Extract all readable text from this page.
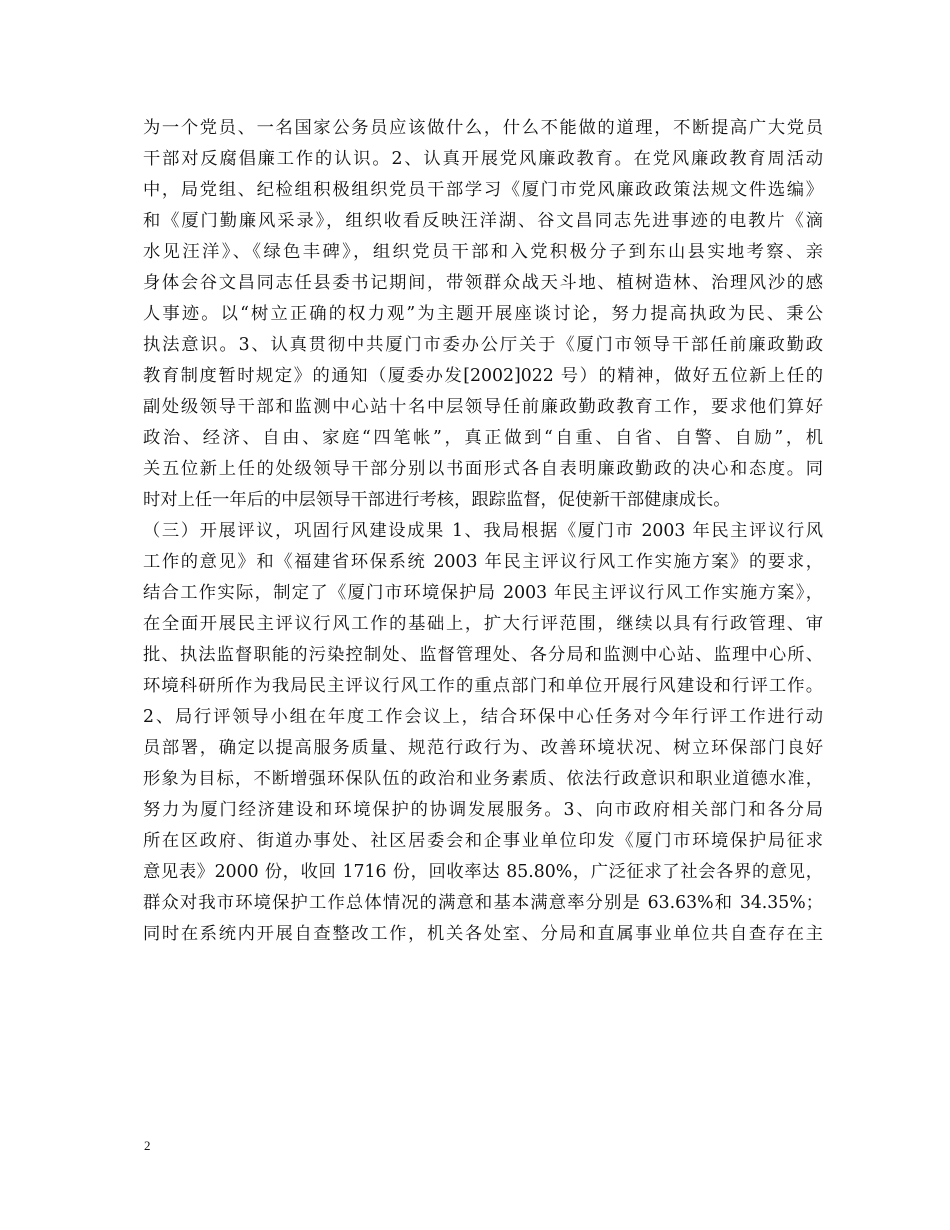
为一个党员、一名国家公务员应该做什么，什么不能做的道理，不断提高广大党员
干部对反腐倡廉工作的认识。2、认真开展党风廉政教育。在党风廉政教育周活动
中，局党组、纪检组积极组织党员干部学习《厦门市党风廉政政策法规文件选编》
和《厦门勤廉风采录》，组织收看反映汪洋湖、谷文昌同志先进事迹的电教片《滴
水见汪洋》、《绿色丰碑》，组织党员干部和入党积极分子到东山县实地考察、亲
身体会谷文昌同志任县委书记期间，带领群众战天斗地、植树造林、治理风沙的感
人事迹。以“树立正确的权力观”为主题开展座谈讨论，努力提高执政为民、秉公
执法意识。3、认真贯彻中共厦门市委办公厅关于《厦门市领导干部任前廉政勤政
教育制度暂时规定》的通知（厦委办发[2002]022 号）的精神，做好五位新上任的
副处级领导干部和监测中心站十名中层领导任前廉政勤政教育工作，要求他们算好
政治、经济、自由、家庭“四笔帐”，真正做到“自重、自省、自警、自励”，机
关五位新上任的处级领导干部分别以书面形式各自表明廉政勤政的决心和态度。同
时对上任一年后的中层领导干部进行考核，跟踪监督，促使新干部健康成长。
（三）开展评议，巩固行风建设成果 1、我局根据《厦门市 2003 年民主评议行风
工作的意见》和《福建省环保系统 2003 年民主评议行风工作实施方案》的要求，
结合工作实际，制定了《厦门市环境保护局 2003 年民主评议行风工作实施方案》，
在全面开展民主评议行风工作的基础上，扩大行评范围，继续以具有行政管理、审
批、执法监督职能的污染控制处、监督管理处、各分局和监测中心站、监理中心所、
环境科研所作为我局民主评议行风工作的重点部门和单位开展行风建设和行评工作。
2、局行评领导小组在年度工作会议上，结合环保中心任务对今年行评工作进行动
员部署，确定以提高服务质量、规范行政行为、改善环境状况、树立环保部门良好
形象为目标，不断增强环保队伍的政治和业务素质、依法行政意识和职业道德水准，
努力为厦门经济建设和环境保护的协调发展服务。3、向市政府相关部门和各分局
所在区政府、街道办事处、社区居委会和企事业单位印发《厦门市环境保护局征求
意见表》2000 份，收回 1716 份，回收率达 85.80%，广泛征求了社会各界的意见，
群众对我市环境保护工作总体情况的满意和基本满意率分别是 63.63%和 34.35%；
同时在系统内开展自查整改工作，机关各处室、分局和直属事业单位共自查存在主
2
